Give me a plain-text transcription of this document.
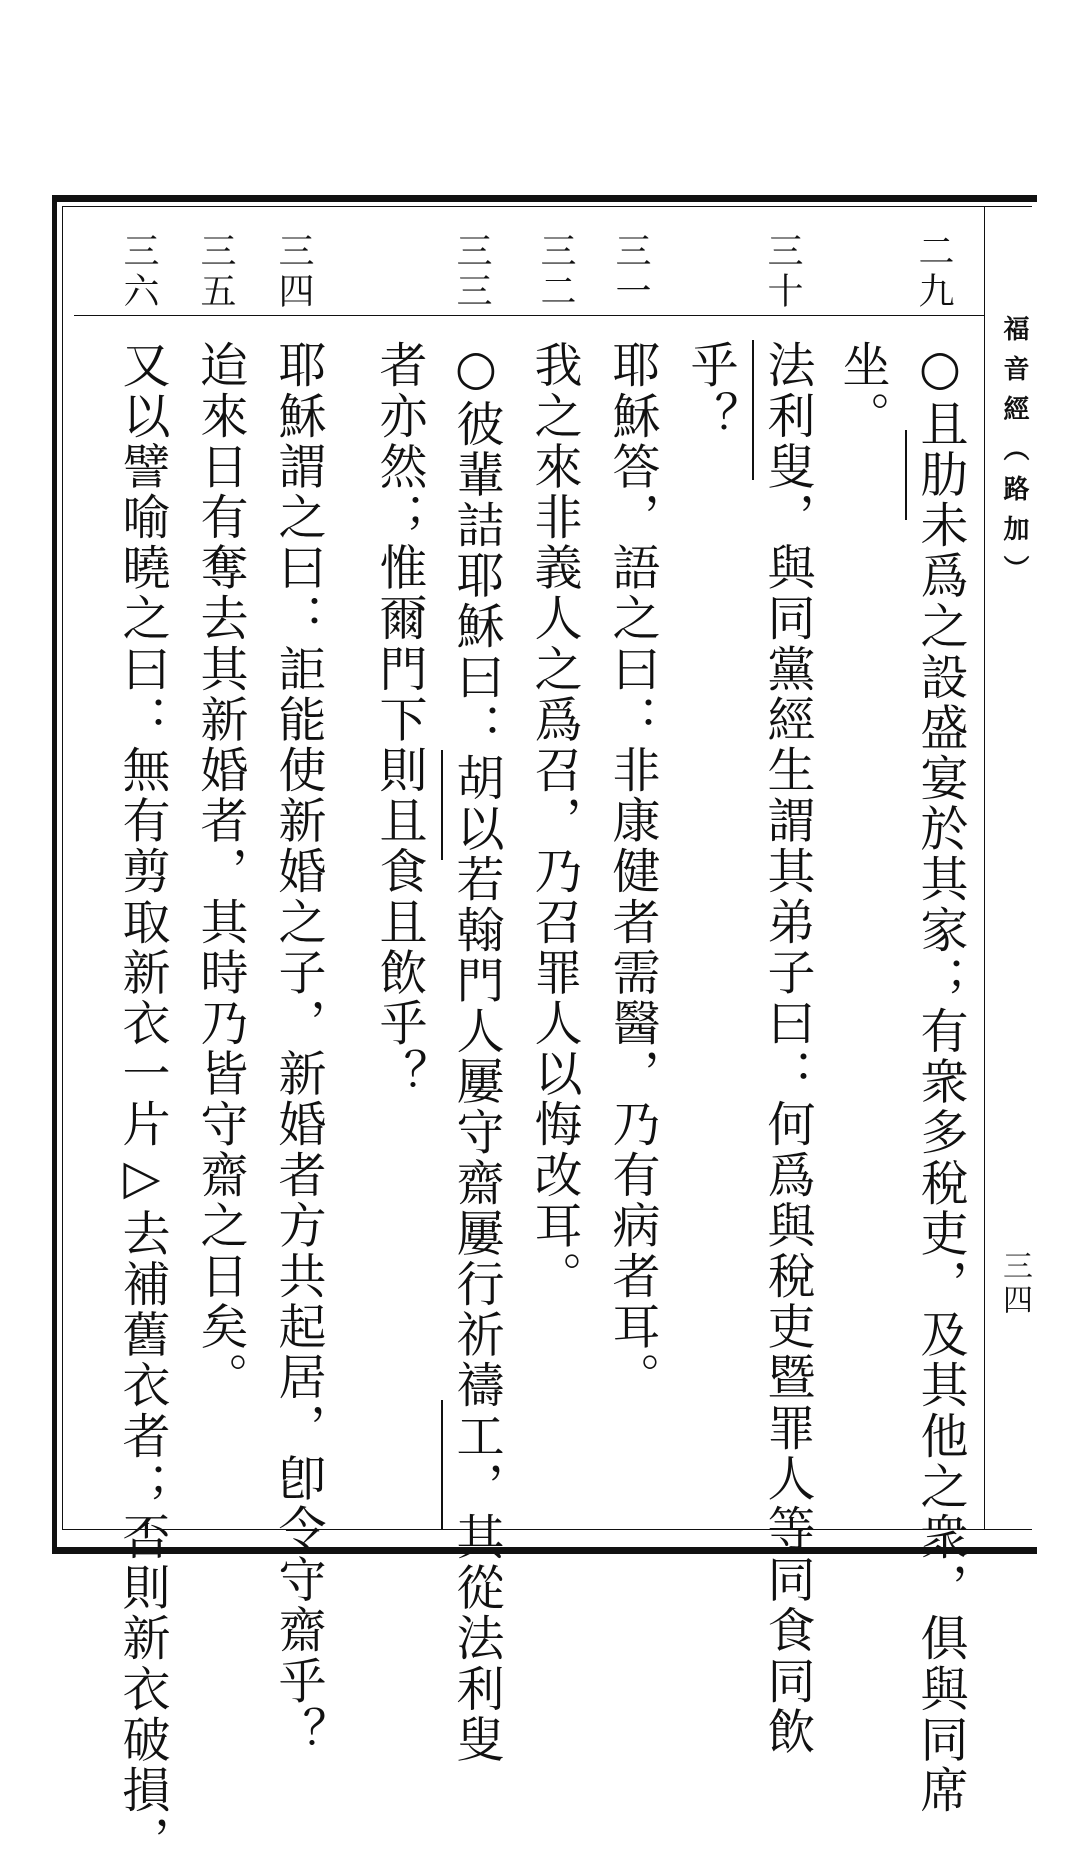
福音經（路加）
三四
二九
三十
三一
三二
三三
三四
三五
三六
○且肋未爲之設盛宴於其家；有衆多稅吏，及其他之衆，俱與同席
坐。
法利叟，與同黨經生謂其弟子曰：何爲與稅吏暨罪人等同食同飲
乎？
耶穌答，語之曰：非康健者需醫，乃有病者耳。
我之來非義人之爲召，乃召罪人以悔改耳。
○彼輩詰耶穌曰：胡以若翰門人屢守齋屢行祈禱工，其從法利叟
者亦然；惟爾門下則且食且飲乎？
耶穌謂之曰：詎能使新婚之子，新婚者方共起居，卽令守齋乎？
迨來日有奪去其新婚者，其時乃皆守齋之日矣。
又以譬喻曉之曰：無有剪取新衣一片▷去補舊衣者；否則新衣破損，
